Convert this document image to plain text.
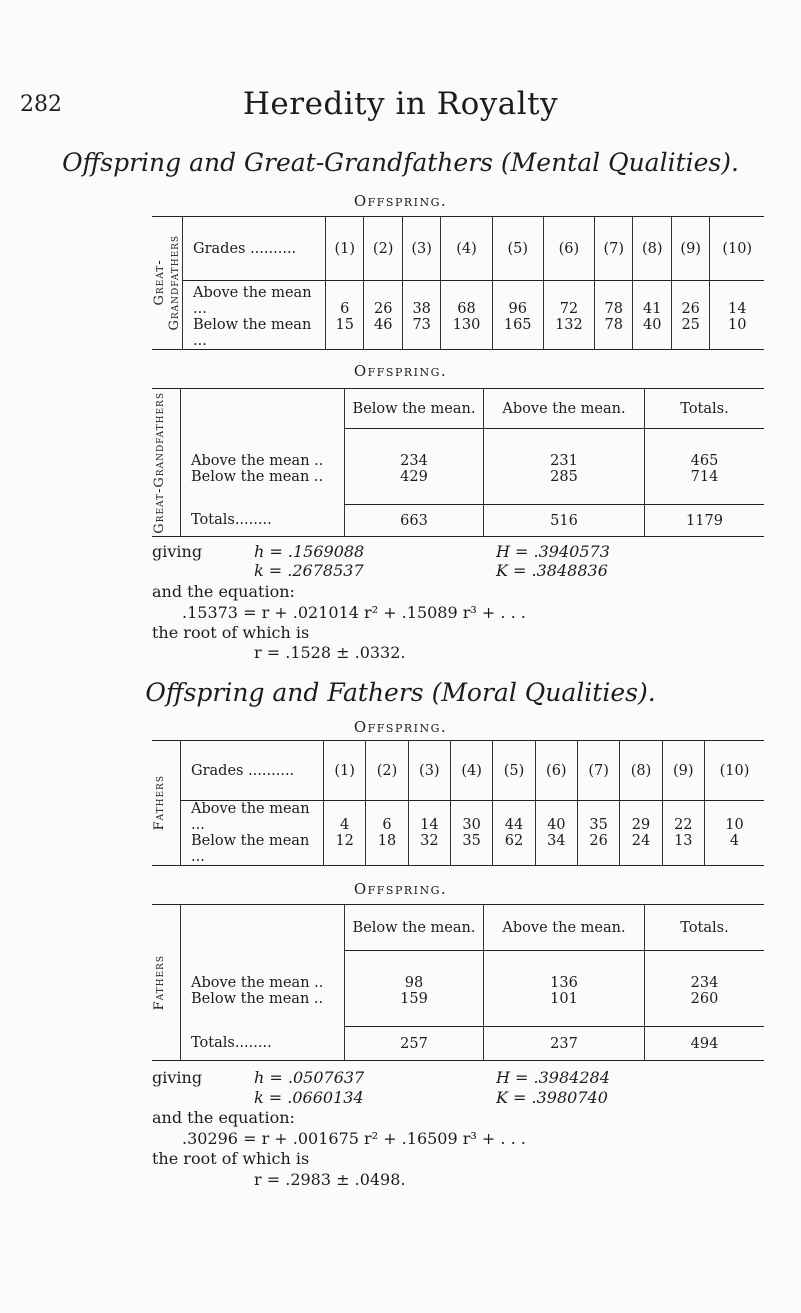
282	Heredity in Royalty
Offspring and Great-Grandfathers (Mental Qualities).
Offspring.
Great-Grandfathers	Grades ..........	(1)	(2)	(3)	(4)	(5)	(6)	(7)	(8)	(9)	(10)
	Above the mean ...	6	26	38	68	96	72	78	41	26	14
	Below the mean ...	15	46	73	130	165	132	78	40	25	10
Offspring.
Great-Grandfathers		Below the mean.	Above the mean.	Totals.
	Above the mean ..	234	231	465
	Below the mean ..	429	285	714
	Totals........	663	516	1179
giving	h = .1569088	H = .3940573
k = .2678537	K = .3848836
and the equation:
.15373 = r + .021014 r² + .15089 r³ + . . .
the root of which is
r = .1528 ± .0332.
Offspring and Fathers (Moral Qualities).
Offspring.
Fathers	Grades ..........	(1)	(2)	(3)	(4)	(5)	(6)	(7)	(8)	(9)	(10)
	Above the mean ...	4	6	14	30	44	40	35	29	22	10
	Below the mean ...	12	18	32	35	62	34	26	24	13	4
Offspring.
Fathers		Below the mean.	Above the mean.	Totals.
	Above the mean ..	98	136	234
	Below the mean ..	159	101	260
	Totals........	257	237	494
giving	h = .0507637	H = .3984284
k = .0660134	K = .3980740
and the equation:
.30296 = r + .001675 r² + .16509 r³ + . . .
the root of which is
r = .2983 ± .0498.
